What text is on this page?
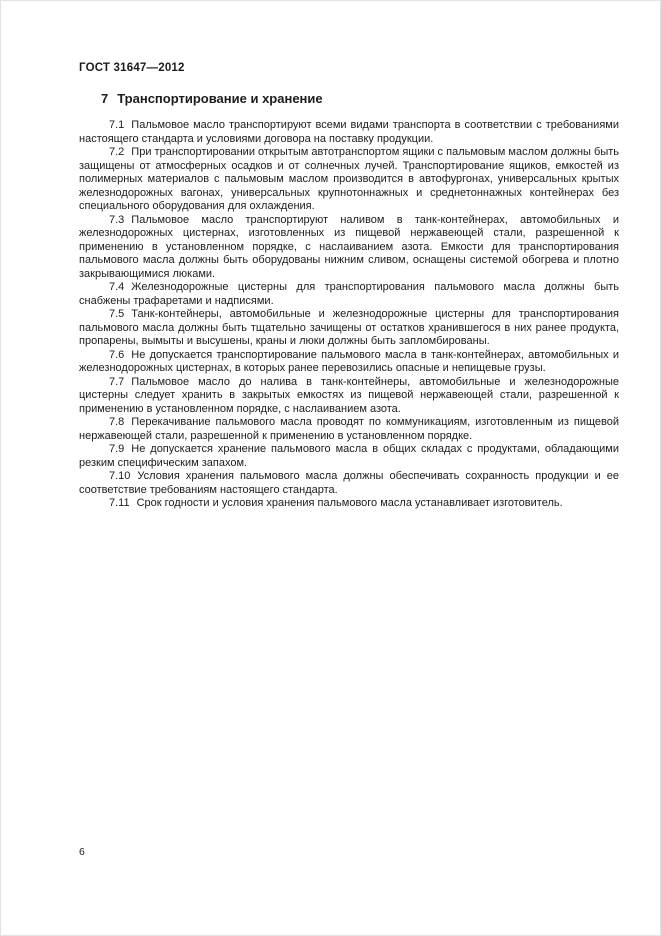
ГОСТ 31647—2012
7 Транспортирование и хранение

7.1 Пальмовое масло транспортируют всеми видами транспорта в соответствии с требованиями настоящего стандарта и условиями договора на поставку продукции.

7.2 При транспортировании открытым автотранспортом ящики с пальмовым маслом должны быть защищены от атмосферных осадков и от солнечных лучей. Транспортирование ящиков, емкостей из полимерных материалов с пальмовым маслом производится в автофургонах, универсальных крытых железнодорожных вагонах, универсальных крупнотоннажных и среднетоннажных контейнерах без специального оборудования для охлаждения.

7.3 Пальмовое масло транспортируют наливом в танк-контейнерах, автомобильных и железнодорожных цистернах, изготовленных из пищевой нержавеющей стали, разрешенной к применению в установленном порядке, с наслаиванием азота. Емкости для транспортирования пальмового масла должны быть оборудованы нижним сливом, оснащены системой обогрева и плотно закрывающимися люками.

7.4 Железнодорожные цистерны для транспортирования пальмового масла должны быть снабжены трафаретами и надписями.

7.5 Танк-контейнеры, автомобильные и железнодорожные цистерны для транспортирования пальмового масла должны быть тщательно зачищены от остатков хранившегося в них ранее продукта, пропарены, вымыты и высушены, краны и люки должны быть запломбированы.

7.6 Не допускается транспортирование пальмового масла в танк-контейнерах, автомобильных и железнодорожных цистернах, в которых ранее перевозились опасные и непищевые грузы.

7.7 Пальмовое масло до налива в танк-контейнеры, автомобильные и железнодорожные цистерны следует хранить в закрытых емкостях из пищевой нержавеющей стали, разрешенной к применению в установленном порядке, с наслаиванием азота.

7.8 Перекачивание пальмового масла проводят по коммуникациям, изготовленным из пищевой нержавеющей стали, разрешенной к применению в установленном порядке.

7.9 Не допускается хранение пальмового масла в общих складах с продуктами, обладающими резким специфическим запахом.

7.10 Условия хранения пальмового масла должны обеспечивать сохранность продукции и ее соответствие требованиям настоящего стандарта.

7.11 Срок годности и условия хранения пальмового масла устанавливает изготовитель.

6
